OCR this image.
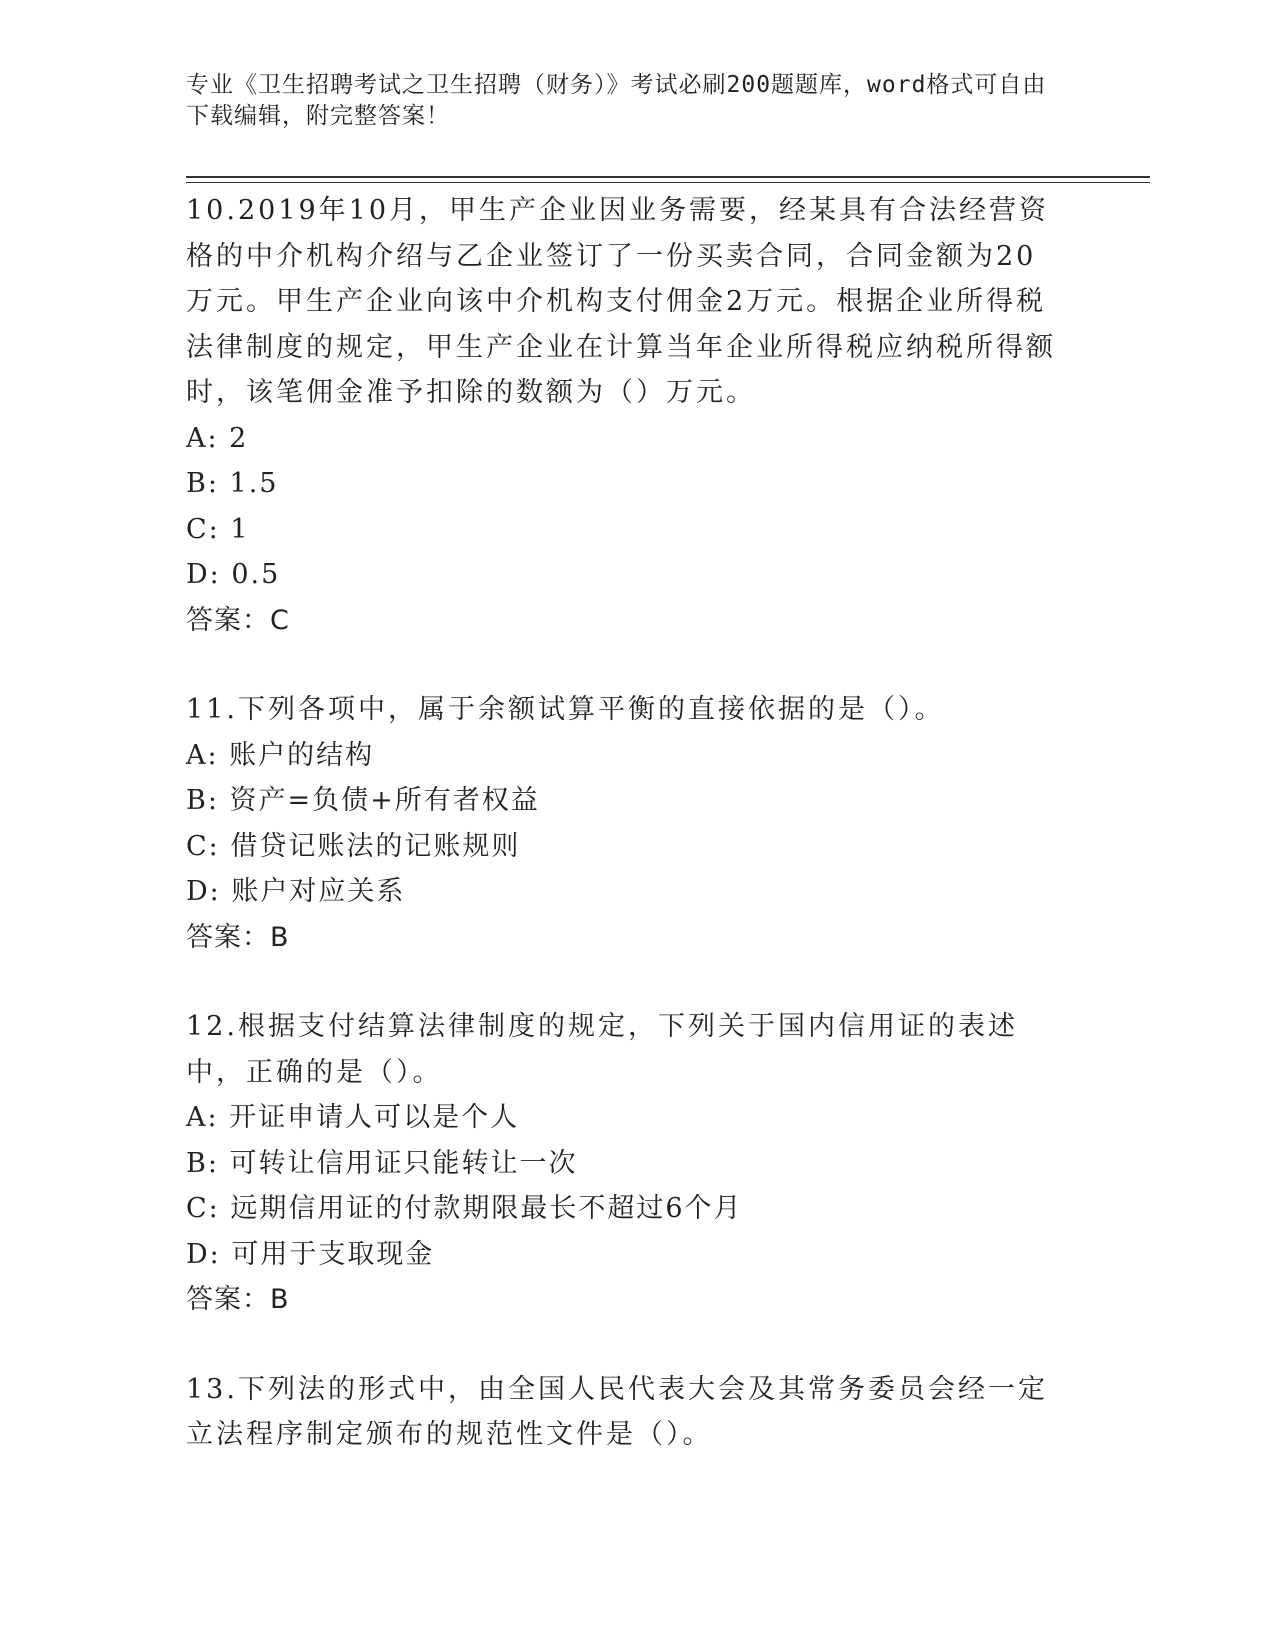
专业《卫生招聘考试之卫生招聘（财务）》考试必刷200题题库，word格式可自由下载编辑，附完整答案！
10.2019年10月，甲生产企业因业务需要，经某具有合法经营资格的中介机构介绍与乙企业签订了一份买卖合同，合同金额为20万元。甲生产企业向该中介机构支付佣金2万元。根据企业所得税法律制度的规定，甲生产企业在计算当年企业所得税应纳税所得额时，该笔佣金准予扣除的数额为（）万元。
A: 2
B: 1.5
C: 1
D: 0.5
答案：C
11.下列各项中，属于余额试算平衡的直接依据的是（）。
A: 账户的结构
B: 资产=负债+所有者权益
C: 借贷记账法的记账规则
D: 账户对应关系
答案：B
12.根据支付结算法律制度的规定，下列关于国内信用证的表述中，正确的是（）。
A: 开证申请人可以是个人
B: 可转让信用证只能转让一次
C: 远期信用证的付款期限最长不超过6个月
D: 可用于支取现金
答案：B
13.下列法的形式中，由全国人民代表大会及其常务委员会经一定立法程序制定颁布的规范性文件是（）。
